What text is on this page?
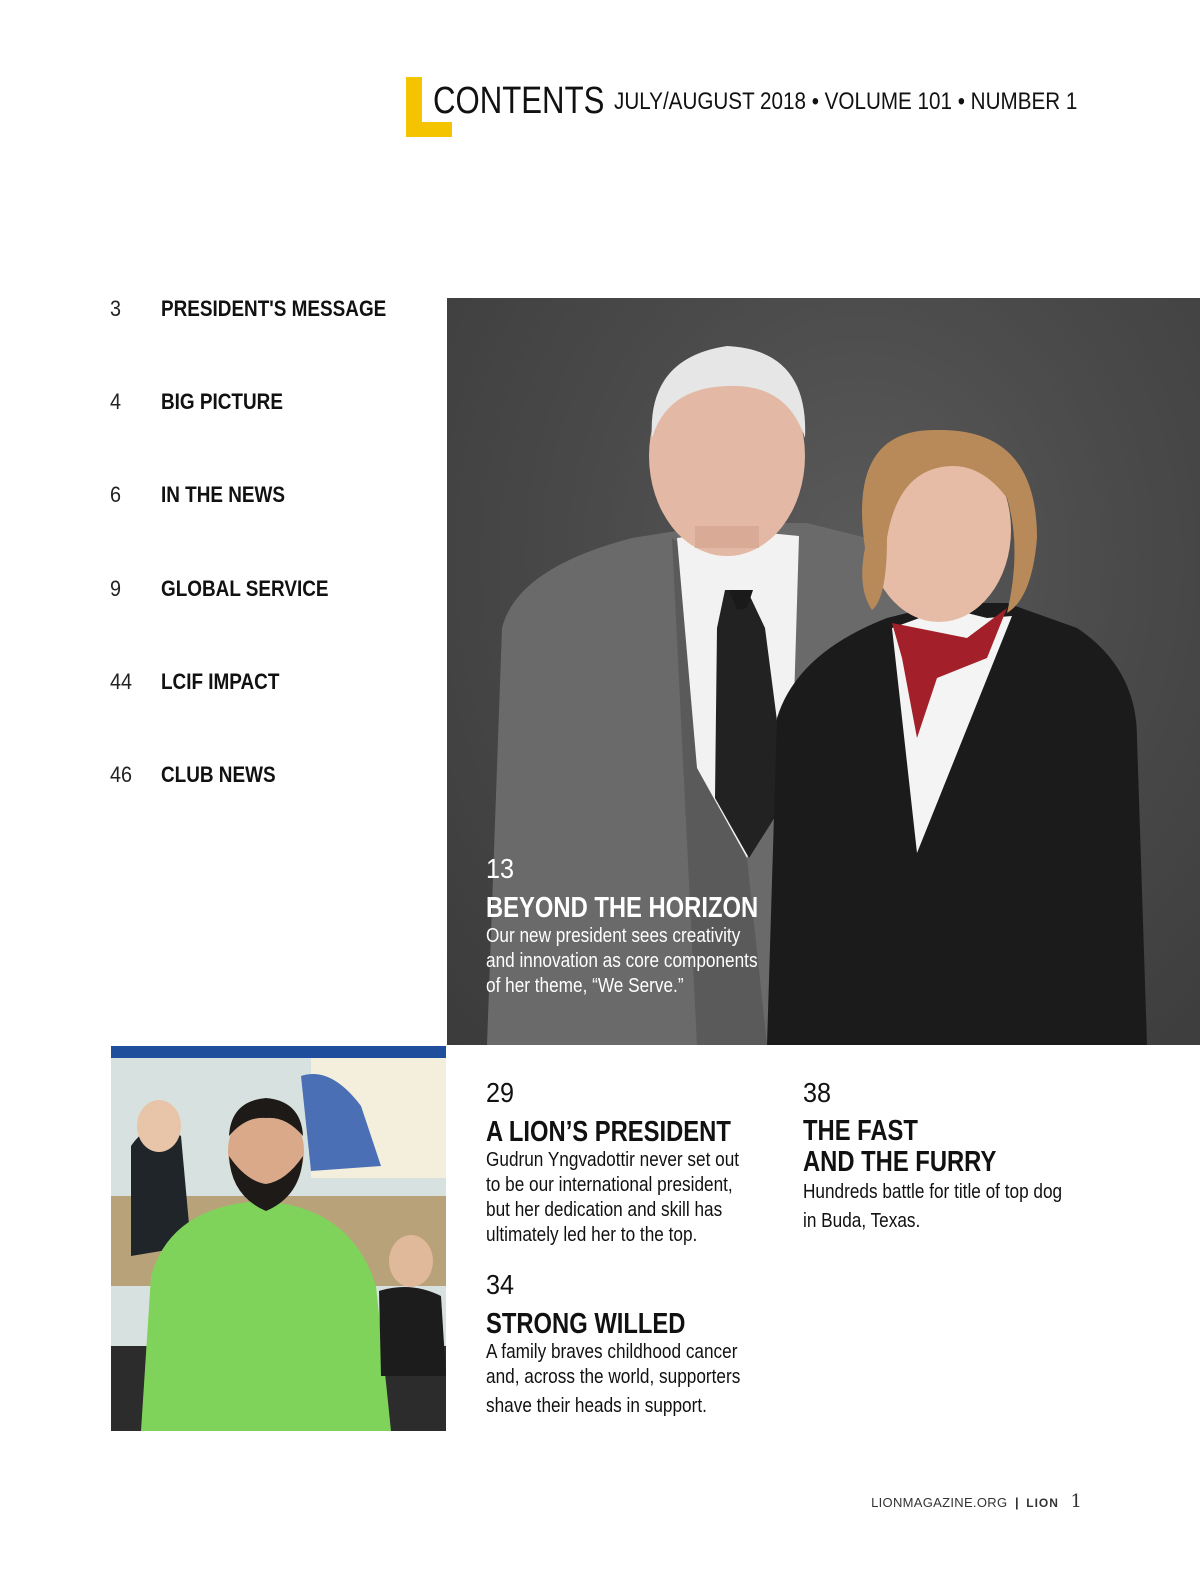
CONTENTS JULY/AUGUST 2018 • VOLUME 101 • NUMBER 1
3 PRESIDENT'S MESSAGE
4 BIG PICTURE
6 IN THE NEWS
9 GLOBAL SERVICE
44 LCIF IMPACT
46 CLUB NEWS
13
BEYOND THE HORIZON
Our new president sees creativity
and innovation as core components
of her theme, “We Serve.”
29
A LION’S PRESIDENT
Gudrun Yngvadottir never set out
to be our international president,
but her dedication and skill has
ultimately led her to the top.
34
STRONG WILLED
A family braves childhood cancer
and, across the world, supporters
shave their heads in support.
38
THE FAST
AND THE FURRY
Hundreds battle for title of top dog
in Buda, Texas.
LIONMAGAZINE.ORG | LION 1
